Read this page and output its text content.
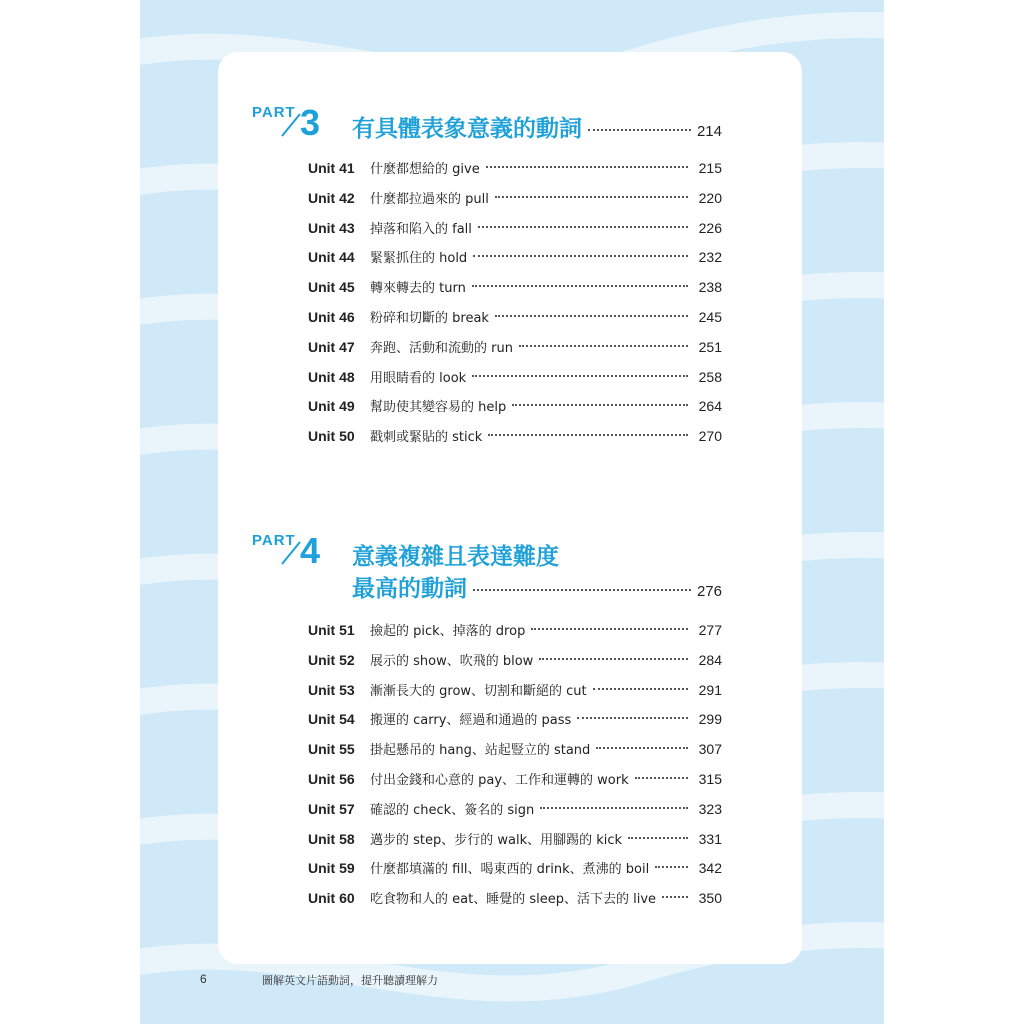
PART 3 有具體表象意義的動詞	214
Unit 41	什麼都想給的 give	215
Unit 42	什麼都拉過來的 pull	220
Unit 43	掉落和陷入的 fall	226
Unit 44	緊緊抓住的 hold	232
Unit 45	轉來轉去的 turn	238
Unit 46	粉碎和切斷的 break	245
Unit 47	奔跑、活動和流動的 run	251
Unit 48	用眼睛看的 look	258
Unit 49	幫助使其變容易的 help	264
Unit 50	戳刺或緊貼的 stick	270
PART 4 意義複雜且表達難度
最高的動詞	276
Unit 51	撿起的 pick、掉落的 drop	277
Unit 52	展示的 show、吹飛的 blow	284
Unit 53	漸漸長大的 grow、切割和斷絕的 cut	291
Unit 54	搬運的 carry、經過和通過的 pass	299
Unit 55	掛起懸吊的 hang、站起豎立的 stand	307
Unit 56	付出金錢和心意的 pay、工作和運轉的 work	315
Unit 57	確認的 check、簽名的 sign	323
Unit 58	邁步的 step、步行的 walk、用腳踢的 kick	331
Unit 59	什麼都填滿的 fill、喝東西的 drink、煮沸的 boil	342
Unit 60	吃食物和人的 eat、睡覺的 sleep、活下去的 live	350
6	圖解英文片語動詞，提升聽讀理解力
